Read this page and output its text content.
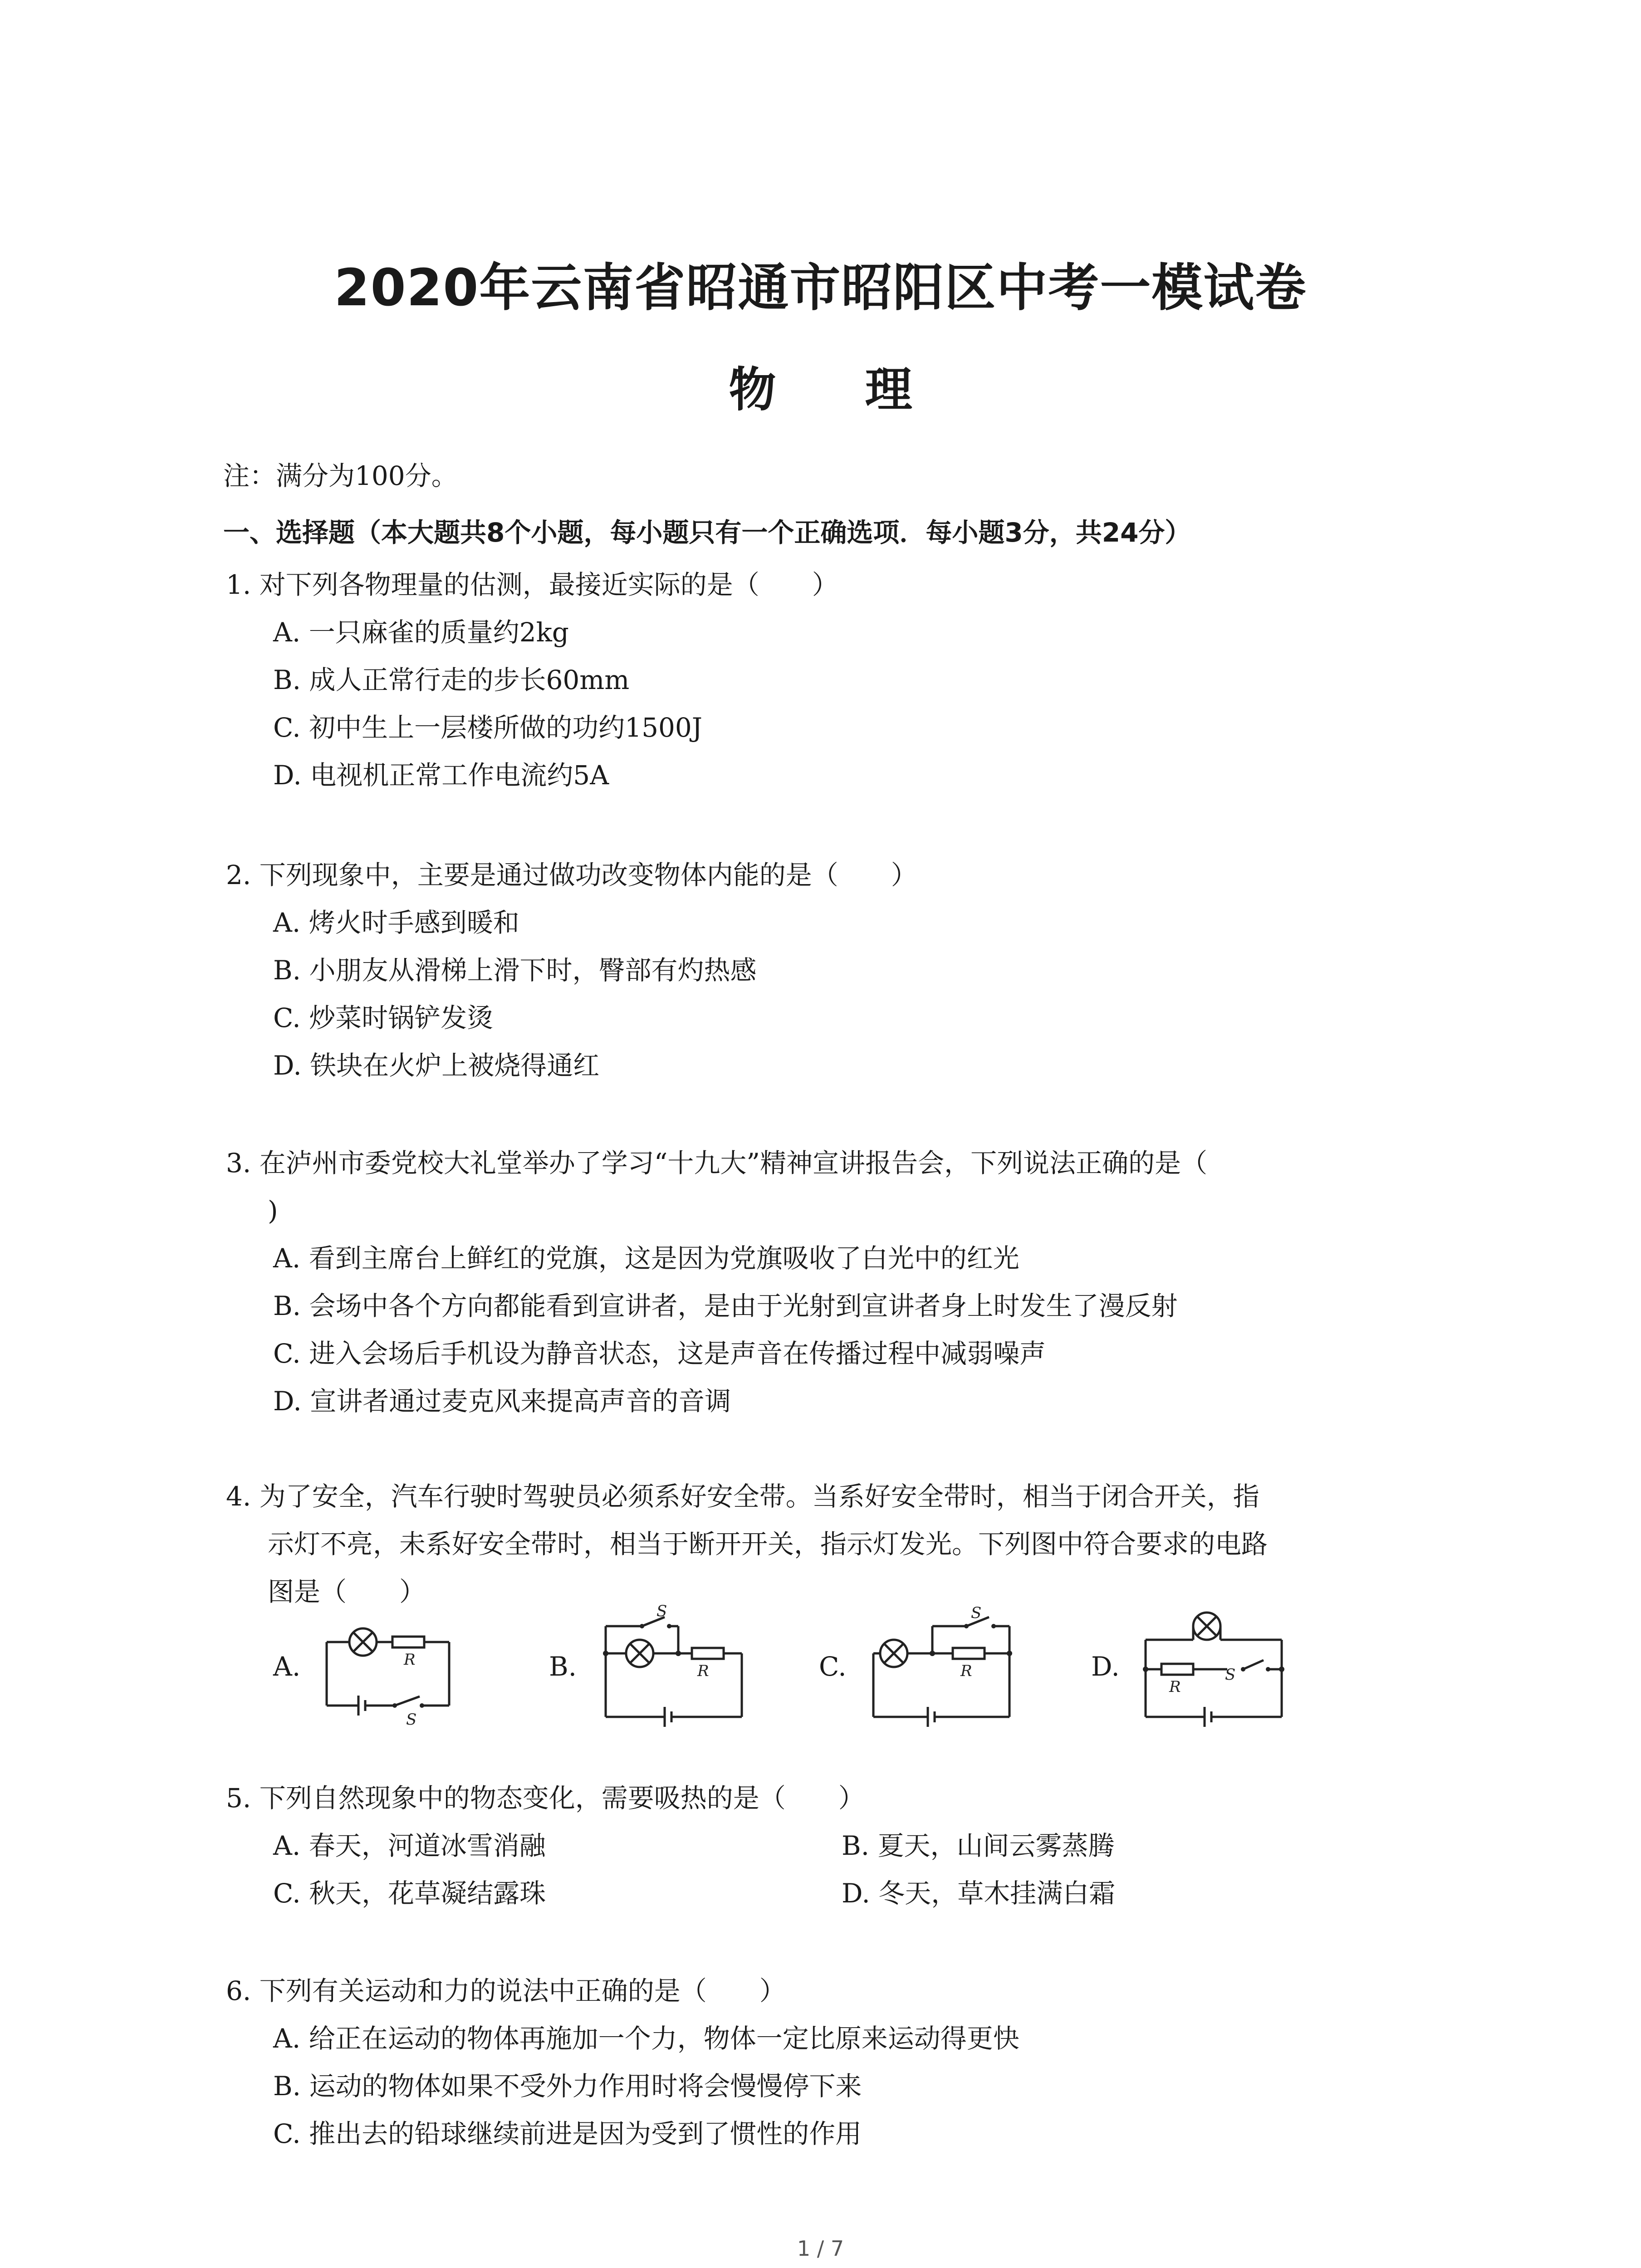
2020年云南省昭通市昭阳区中考一模试卷
物 理
注：满分为100分。
一、选择题（本大题共8个小题，每小题只有一个正确选项．每小题3分，共24分）
1. 对下列各物理量的估测，最接近实际的是（　　）
A. 一只麻雀的质量约2kg
B. 成人正常行走的步长60mm
C. 初中生上一层楼所做的功约1500J
D. 电视机正常工作电流约5A
2. 下列现象中，主要是通过做功改变物体内能的是（　　）
A. 烤火时手感到暖和
B. 小朋友从滑梯上滑下时，臀部有灼热感
C. 炒菜时锅铲发烫
D. 铁块在火炉上被烧得通红
3. 在泸州市委党校大礼堂举办了学习“十九大”精神宣讲报告会，下列说法正确的是（
)
A. 看到主席台上鲜红的党旗，这是因为党旗吸收了白光中的红光
B. 会场中各个方向都能看到宣讲者，是由于光射到宣讲者身上时发生了漫反射
C. 进入会场后手机设为静音状态，这是声音在传播过程中减弱噪声
D. 宣讲者通过麦克风来提高声音的音调
4. 为了安全，汽车行驶时驾驶员必须系好安全带。当系好安全带时，相当于闭合开关，指
示灯不亮，未系好安全带时，相当于断开开关，指示灯发光。下列图中符合要求的电路
图是（　　）
A.	R
S
B.
S
R	C.
S
R	D.
R
S
5. 下列自然现象中的物态变化，需要吸热的是（　　）
A. 春天，河道冰雪消融	B. 夏天，山间云雾蒸腾
C. 秋天，花草凝结露珠	D. 冬天，草木挂满白霜
6. 下列有关运动和力的说法中正确的是（　　）
A. 给正在运动的物体再施加一个力，物体一定比原来运动得更快
B. 运动的物体如果不受外力作用时将会慢慢停下来
C. 推出去的铅球继续前进是因为受到了惯性的作用
1 / 7
